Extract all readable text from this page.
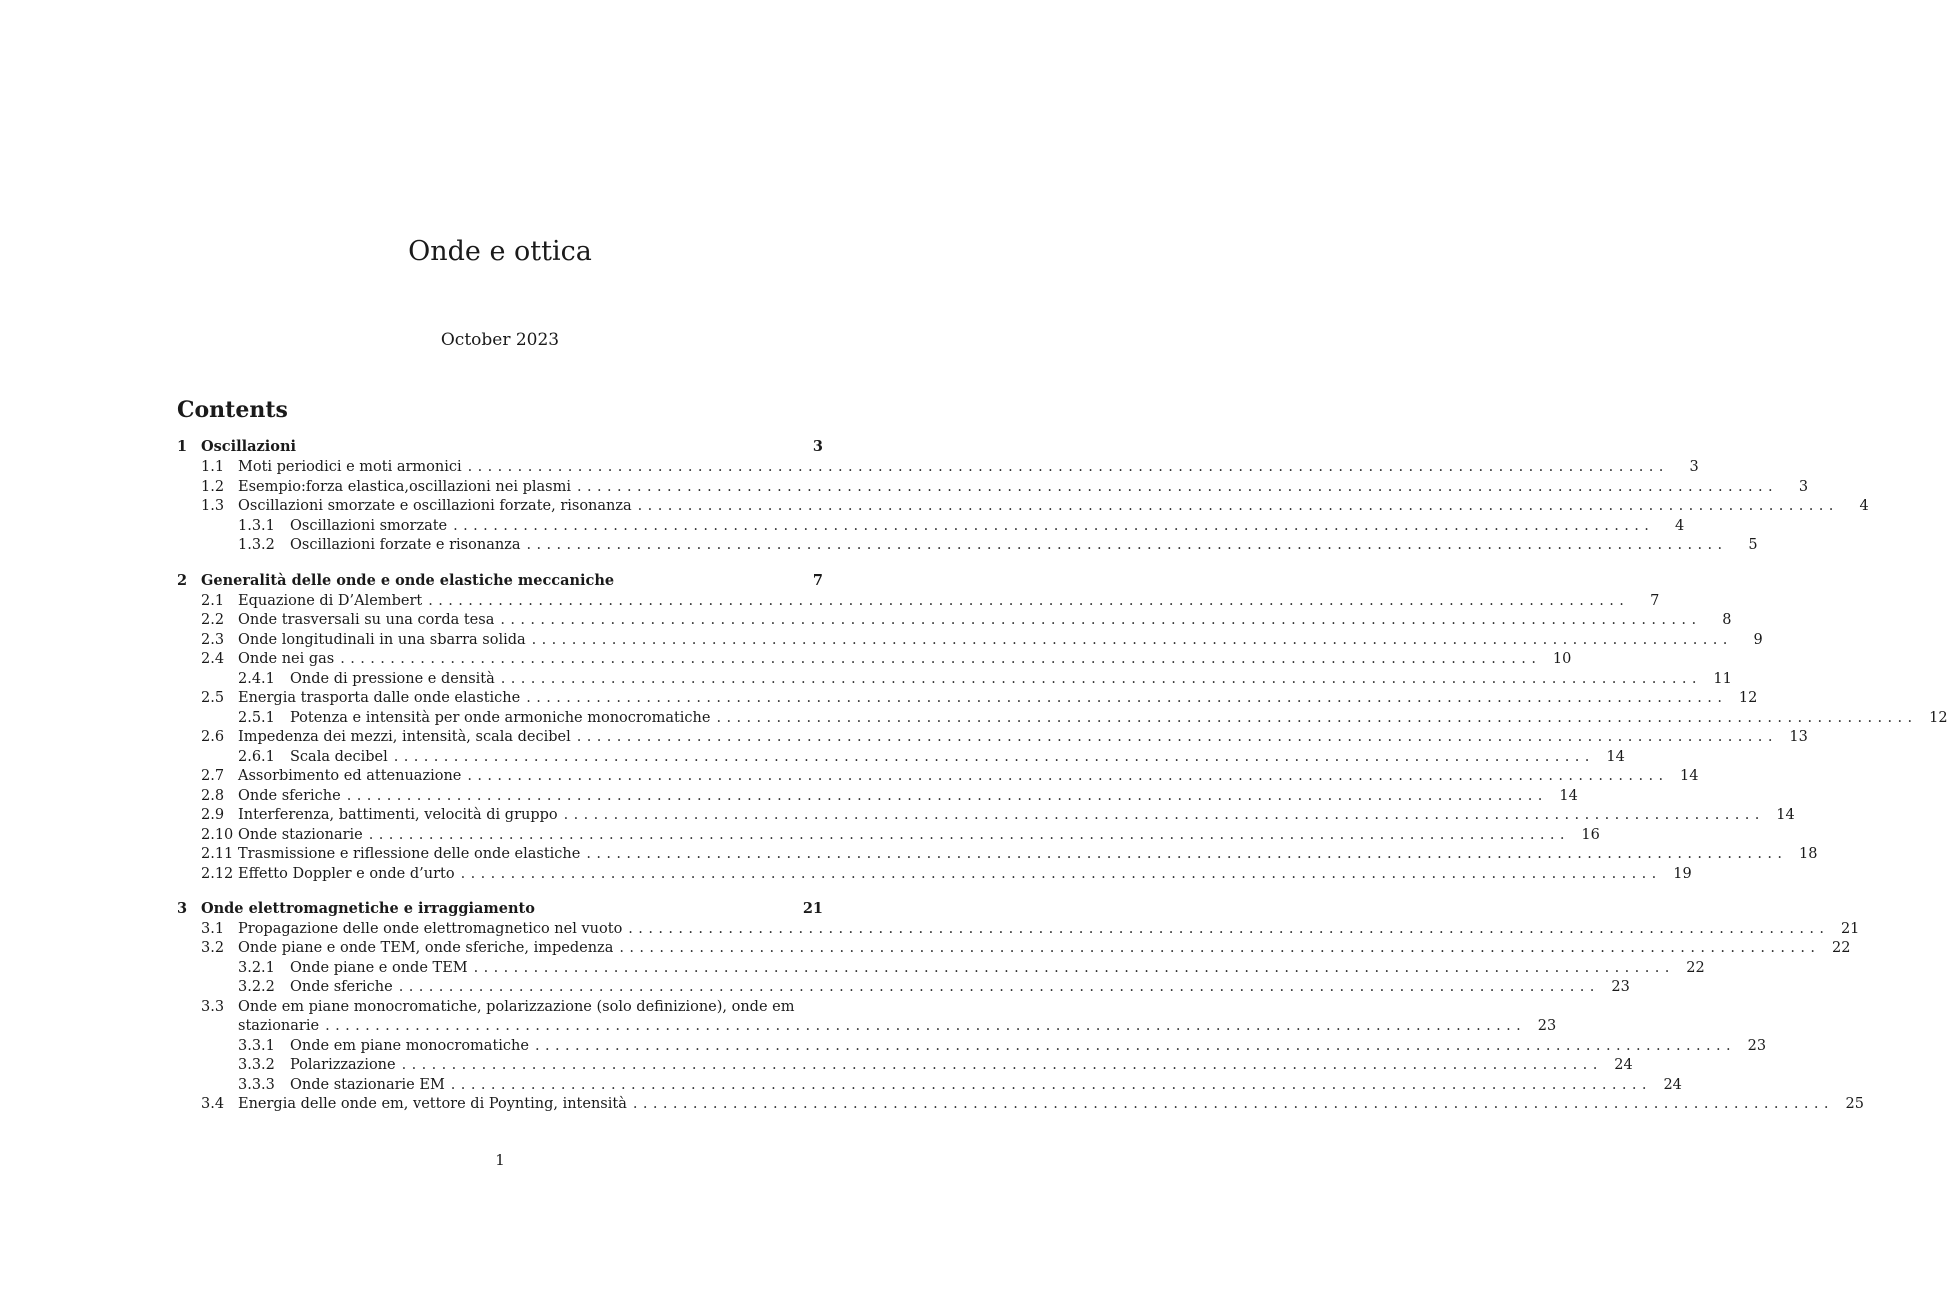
Onde e ottica
October 2023
Contents
1 Oscillazioni	3
1.1 Moti periodici e moti armonici ........................................................................................................................	3
1.2 Esempio:forza elastica,oscillazioni nei plasmi ........................................................................................................................	3
1.3 Oscillazioni smorzate e oscillazioni forzate, risonanza ........................................................................................................................	4
1.3.1	Oscillazioni smorzate ........................................................................................................................	4
1.3.2	Oscillazioni forzate e risonanza ........................................................................................................................	5
2 Generalità delle onde e onde elastiche meccaniche	7
2.1 Equazione di D’Alembert ........................................................................................................................	7
2.2 Onde trasversali su una corda tesa ........................................................................................................................	8
2.3 Onde longitudinali in una sbarra solida ........................................................................................................................	9
2.4 Onde nei gas ........................................................................................................................ 10
2.4.1	Onde di pressione e densità ........................................................................................................................ 11
2.5 Energia trasporta dalle onde elastiche ........................................................................................................................ 12
2.5.1	Potenza e intensità per onde armoniche monocromatiche ........................................................................................................................ 12
2.6 Impedenza dei mezzi, intensità, scala decibel ........................................................................................................................ 13
2.6.1	Scala decibel ........................................................................................................................ 14
2.7 Assorbimento ed attenuazione ........................................................................................................................ 14
2.8 Onde sferiche ........................................................................................................................ 14
2.9 Interferenza, battimenti, velocità di gruppo ........................................................................................................................ 14
2.10 Onde stazionarie ........................................................................................................................ 16
2.11 Trasmissione e riflessione delle onde elastiche ........................................................................................................................ 18
2.12 Effetto Doppler e onde d’urto ........................................................................................................................ 19
3 Onde elettromagnetiche e irraggiamento	21
3.1 Propagazione delle onde elettromagnetico nel vuoto ........................................................................................................................ 21
3.2 Onde piane e onde TEM, onde sferiche, impedenza ........................................................................................................................ 22
3.2.1	Onde piane e onde TEM ........................................................................................................................ 22
3.2.2	Onde sferiche ........................................................................................................................ 23
3.3 Onde em piane monocromatiche, polarizzazione (solo definizione), onde em
stazionarie ........................................................................................................................ 23
3.3.1	Onde em piane monocromatiche ........................................................................................................................ 23
3.3.2	Polarizzazione ........................................................................................................................ 24
3.3.3	Onde stazionarie EM ........................................................................................................................ 24
3.4 Energia delle onde em, vettore di Poynting, intensità ........................................................................................................................ 25
1
